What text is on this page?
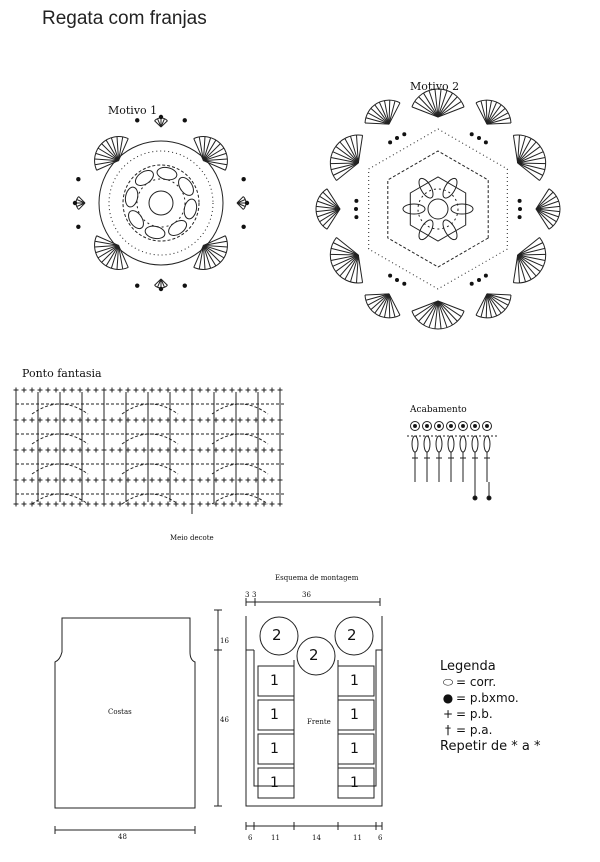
Regata com franjas
Motivo 1
Motivo 2
Ponto fantasia
Meio decote
Acabamento
Esquema de montagem
Costas
48
3 3	36
16
46	Frente
2
2
2
1
1
1
1
1
1
1
1
6	11	14	11 6
Legenda
⬭ = corr.
● = p.bxmo.
+ = p.b.
† = p.a.
Repetir de * a *
